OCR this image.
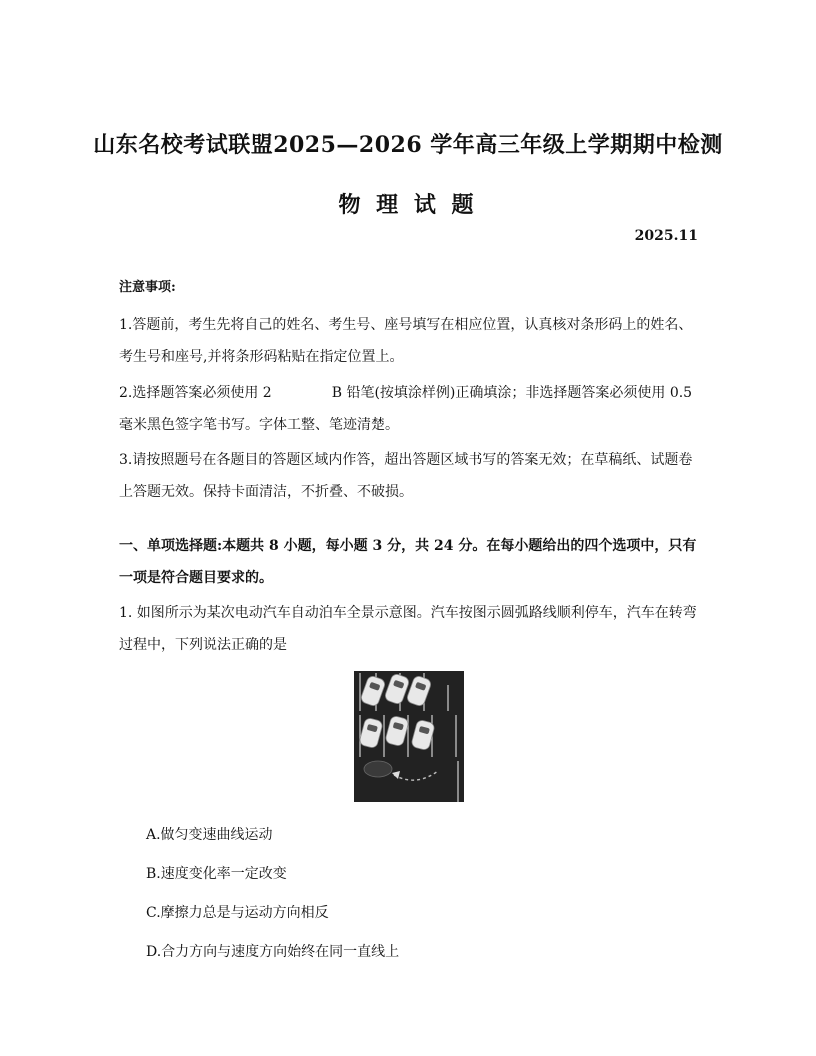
山东名校考试联盟2025—2026 学年高三年级上学期期中检测
物 理 试 题
2025.11
注意事项:
1.答题前，考生先将自己的姓名、考生号、座号填写在相应位置，认真核对条形码上的姓名、考生号和座号,并将条形码粘贴在指定位置上。
2.选择题答案必须使用 2	B 铅笔(按填涂样例)正确填涂；非选择题答案必须使用 0.5 毫米黑色签字笔书写。字体工整、笔迹清楚。
3.请按照题号在各题目的答题区域内作答，超出答题区域书写的答案无效；在草稿纸、试题卷上答题无效。保持卡面清洁，不折叠、不破损。
一、单项选择题:本题共 8 小题，每小题 3 分，共 24 分。在每小题给出的四个选项中，只有一项是符合题目要求的。
1. 如图所示为某次电动汽车自动泊车全景示意图。汽车按图示圆弧路线顺利停车，汽车在转弯过程中，下列说法正确的是
A.做匀变速曲线运动
B.速度变化率一定改变
C.摩擦力总是与运动方向相反
D.合力方向与速度方向始终在同一直线上
